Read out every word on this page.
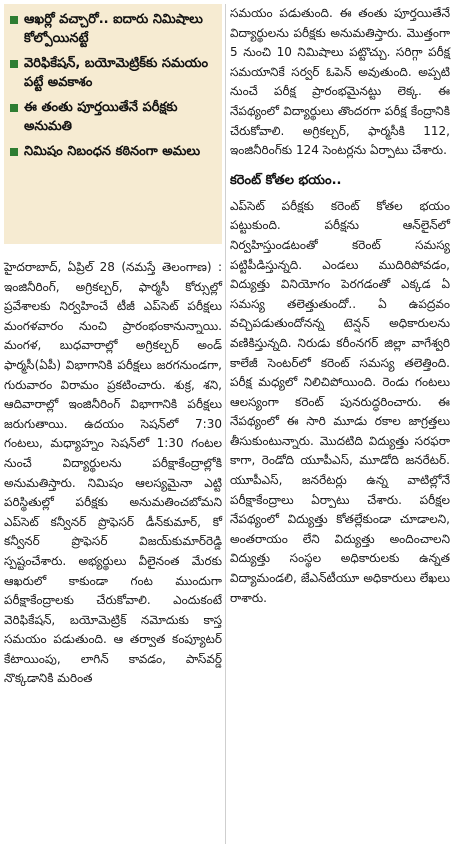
ఆఖర్లో వచ్చారో.. ఐదారు నిమిషాలు కోల్పోయినట్టే
వెరిఫికేషన్, బయోమెట్రిక్‌కు సమయం పట్టే అవకాశం
ఈ తంతు పూర్తయితేనే పరీక్షకు అనుమతి
నిమిషం నిబంధన కఠినంగా అమలు

హైదరాబాద్, ఏప్రిల్ 28 (నమస్తే తెలంగాణ) : ఇంజినీరింగ్, అగ్రికల్చర్, ఫార్మసీ కోర్సుల్లో ప్రవేశాలకు నిర్వహించే టీజీ ఎప్‌సెట్ పరీక్షలు మంగళవారం నుంచి ప్రారంభంకానున్నాయి. మంగళ, బుధవారాల్లో అగ్రికల్చర్ అండ్ ఫార్మసీ(ఏపీ) విభాగానికి పరీక్షలు జరగనుండగా, గురువారం విరామం ప్రకటించారు. శుక్ర, శని, ఆదివారాల్లో ఇంజినీరింగ్ విభాగానికి పరీక్షలు జరుగుతాయి. ఉదయం సెషన్‌లో 7:30 గంటలు, మధ్యాహ్నం సెషన్‌లో 1:30 గంటల నుంచే విద్యార్థులను పరీక్షాకేంద్రాల్లోకి అనుమతిస్తారు. నిమిషం ఆలస్యమైనా ఎట్టి పరిస్థితుల్లో పరీక్షకు అనుమతించబోమని ఎప్‌సెట్ కన్వీనర్ ప్రొఫెసర్ డీన్‌కుమార్, కో కన్వీనర్ ప్రొఫెసర్ విజయ్‌కుమార్‌రెడ్డి స్పష్టంచేశారు. అభ్యర్థులు వీలైనంత మేరకు ఆఖరులో కాకుండా గంట ముందుగా పరీక్షాకేంద్రాలకు చేరుకోవాలి. ఎందుకంటే వెరిఫికేషన్, బయోమెట్రిక్ నమోదుకు కాస్త సమయం పడుతుంది. ఆ తర్వాత కంప్యూటర్ కేటాయింపు, లాగిన్ కావడం, పాస్‌వర్డ్ నొక్కడానికి మరింత

సమయం పడుతుంది. ఈ తంతు పూర్తయితేనే విద్యార్థులను పరీక్షకు అనుమతిస్తారు. మొత్తంగా 5 నుంచి 10 నిమిషాలు పట్టొచ్చు. సరిగ్గా పరీక్ష సమయానికే సర్వర్ ఓపెన్ అవుతుంది. అప్పటి నుంచే పరీక్ష ప్రారంభమైనట్టు లెక్క. ఈ నేపథ్యంలో విద్యార్థులు తొందరగా పరీక్ష కేంద్రానికి చేరుకోవాలి. అగ్రికల్చర్, ఫార్మసీకి 112, ఇంజినీరింగ్‌కు 124 సెంటర్లను ఏర్పాటు చేశారు.

కరెంట్ కోతల భయం..

ఎప్‌సెట్ పరీక్షకు కరెంట్ కోతల భయం పట్టుకుంది. పరీక్షను ఆన్‌లైన్‌లో నిర్వహిస్తుండటంతో కరెంట్ సమస్య పట్టిపీడిస్తున్నది. ఎండలు ముదిరిపోవడం, విద్యుత్తు వినియోగం పెరగడంతో ఎక్కడ ఏ సమస్య తలెత్తుతుందో.. ఏ ఉపద్రవం వచ్చిపడుతుందోనన్న టెన్షన్ అధికారులను వణికిస్తున్నది. నిరుడు కరీంనగర్ జిల్లా వాగేశ్వరి కాలేజీ సెంటర్‌లో కరెంట్ సమస్య తలెత్తింది. పరీక్ష మధ్యలో నిలిచిపోయింది. రెండు గంటలు ఆలస్యంగా కరెంట్ పునరుద్ధరించారు. ఈ నేపథ్యంలో ఈ సారి మూడు రకాల జాగ్రత్తలు తీసుకుంటున్నారు. మొదటిది విద్యుత్తు సరఫరా కాగా, రెండోది యూపీఎస్, మూడోది జనరేటర్. యూపీఎస్, జనరేటర్లు ఉన్న వాటిల్లోనే పరీక్షాకేంద్రాలు ఏర్పాటు చేశారు. పరీక్షల నేపథ్యంలో విద్యుత్తు కోతల్లేకుండా చూడాలని, అంతరాయం లేని విద్యుత్తు అందించాలని విద్యుత్తు సంస్థల అధికారులకు ఉన్నత విద్యామండలి, జేఎన్‌టీయూ అధికారులు లేఖలు రాశారు.
